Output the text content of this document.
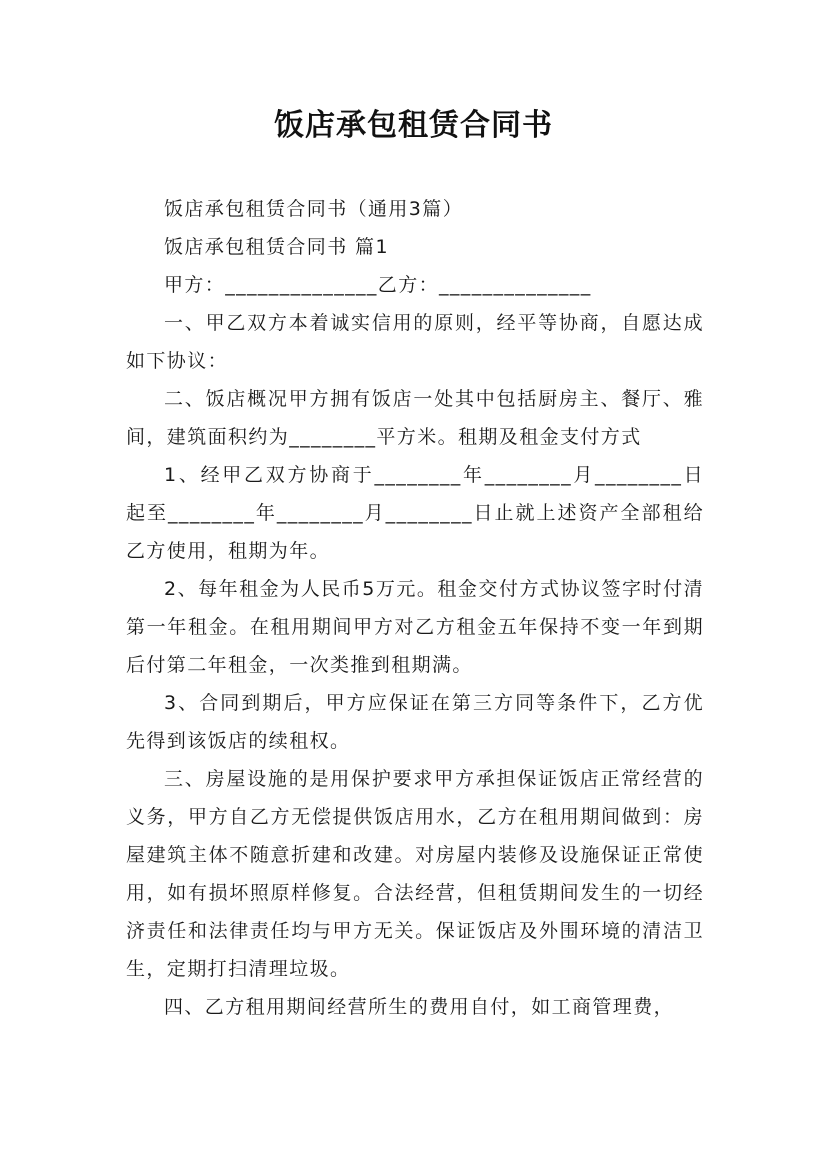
饭店承包租赁合同书

饭店承包租赁合同书（通用3篇）

饭店承包租赁合同书 篇1

甲方：______________乙方：______________

一、甲乙双方本着诚实信用的原则，经平等协商，自愿达成如下协议：

二、饭店概况甲方拥有饭店一处其中包括厨房主、餐厅、雅间，建筑面积约为________平方米。租期及租金支付方式

1、经甲乙双方协商于________年________月________日起至________年________月________日止就上述资产全部租给乙方使用，租期为年。

2、每年租金为人民币5万元。租金交付方式协议签字时付清第一年租金。在租用期间甲方对乙方租金五年保持不变一年到期后付第二年租金，一次类推到租期满。

3、合同到期后，甲方应保证在第三方同等条件下，乙方优先得到该饭店的续租权。

三、房屋设施的是用保护要求甲方承担保证饭店正常经营的义务，甲方自乙方无偿提供饭店用水，乙方在租用期间做到：房屋建筑主体不随意折建和改建。对房屋内装修及设施保证正常使用，如有损坏照原样修复。合法经营，但租赁期间发生的一切经济责任和法律责任均与甲方无关。保证饭店及外围环境的清洁卫生，定期打扫清理垃圾。

四、乙方租用期间经营所生的费用自付，如工商管理费，
